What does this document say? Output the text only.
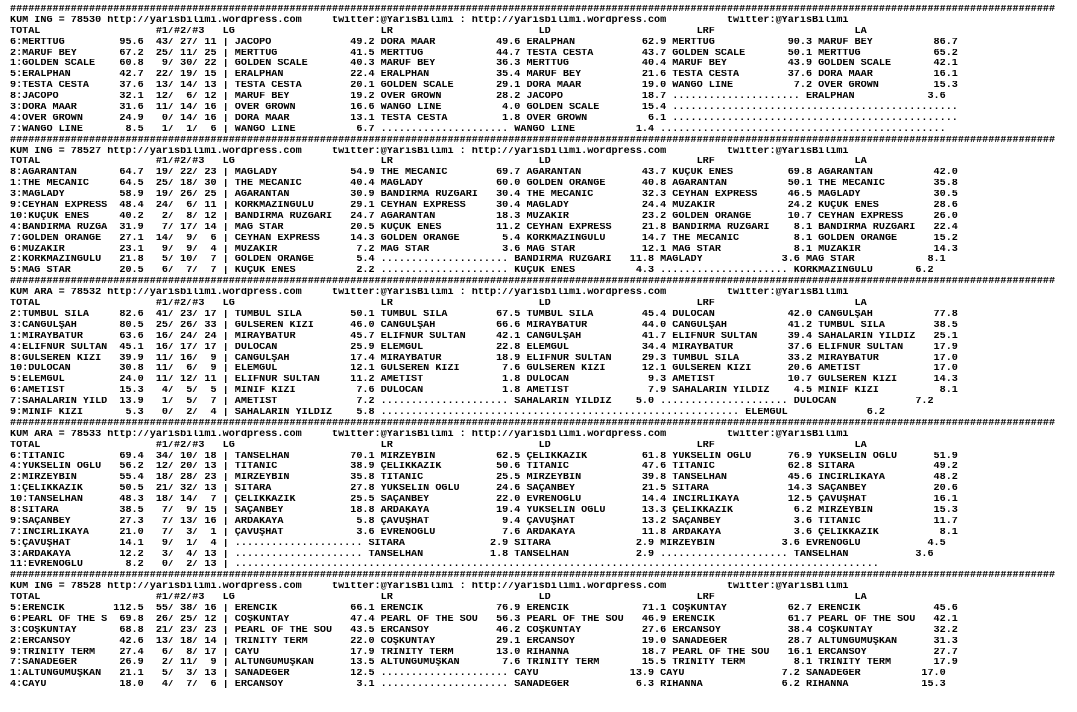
############################################################################################################################################################################
KUM ING = 78530 http://yarisbilimi.wordpress.com     twitter:@YarisBilimi : http://yarisbilimi.wordpress.com          twitter:@YarisBilimi
TOTAL                   #1/#2/#3   LG                        LR                        LD                        LRF                       LA
6:MERTTUĞ         95.6  43/ 27/ 11 | JACOPO             49.2 DORA MAAR          49.6 ERALPHAN           62.9 MERTTUĞ            90.3 MARUF BEY          86.7
2:MARUF BEY       67.2  25/ 11/ 25 | MERTTUĞ            41.5 MERTTUĞ            44.7 TESTA CESTA        43.7 GOLDEN SCALE       50.1 MERTTUĞ            65.2
1:GOLDEN SCALE    60.8   9/ 30/ 22 | GOLDEN SCALE       40.3 MARUF BEY          36.3 MERTTUĞ            40.4 MARUF BEY          43.9 GOLDEN SCALE       42.1
5:ERALPHAN        42.7  22/ 19/ 15 | ERALPHAN           22.4 ERALPHAN           35.4 MARUF BEY          21.6 TESTA CESTA        37.6 DORA MAAR          16.1
9:TESTA CESTA     37.6  13/ 14/ 13 | TESTA CESTA        20.1 GOLDEN SCALE       29.1 DORA MAAR          19.0 WANGO LINE          7.2 OVER GROWN         15.3
8:JACOPO          32.1  12/  6/ 12 | MARUF BEY          19.2 OVER GROWN         28.2 JACOPO             18.7 ..................... ERALPHAN            3.6
3:DORA MAAR       31.6  11/ 14/ 16 | OVER GROWN         16.6 WANGO LINE          4.0 GOLDEN SCALE       15.4 ...............................................
4:OVER GROWN      24.9   0/ 14/ 16 | DORA MAAR          13.1 TESTA CESTA         1.8 OVER GROWN          6.1 ...............................................
7:WANGO LINE       8.5   1/  1/  6 | WANGO LINE          6.7 ..................... WANGO LINE          1.4 ...............................................
############################################################################################################################################################################
KUM ING = 78527 http://yarisbilimi.wordpress.com     twitter:@YarisBilimi : http://yarisbilimi.wordpress.com          twitter:@YarisBilimi
TOTAL                   #1/#2/#3   LG                        LR                        LD                        LRF                       LA
8:AĞARANTAN       64.7  19/ 22/ 23 | MAGLADY            54.9 THE MECANIC        69.7 AĞARANTAN          43.7 KÜÇÜK ENES         69.8 AĞARANTAN          42.0
1:THE MECANIC     64.5  25/ 18/ 30 | THE MECANIC        40.4 MAGLADY            60.0 GOLDEN ORANGE      40.8 AĞARANTAN          50.1 THE MECANIC        35.8
3:MAGLADY         58.9  19/ 26/ 25 | AĞARANTAN          30.9 BANDIRMA RÜZGARI   30.4 THE MECANIC        32.3 CEYHAN EXPRESS     46.5 MAGLADY            30.5
9:CEYHAN EXPRESS  48.4  24/  6/ 11 | KORKMAZINGÜLÜ      29.1 CEYHAN EXPRESS     30.4 MAGLADY            24.4 MÜZAKİR            24.2 KÜÇÜK ENES         28.6
10:KÜÇÜK ENES     40.2   2/  8/ 12 | BANDIRMA RÜZGARI   24.7 AĞARANTAN          18.3 MÜZAKİR            23.2 GOLDEN ORANGE      10.7 CEYHAN EXPRESS     26.0
4:BANDIRMA RÜZGA  31.9   7/ 17/ 14 | MAG STAR           20.5 KÜÇÜK ENES         11.2 CEYHAN EXPRESS     21.8 BANDIRMA RÜZGARI    8.1 BANDIRMA RÜZGARI   22.4
7:GOLDEN ORANGE   27.1  14/  9/  6 | CEYHAN EXPRESS     14.3 GOLDEN ORANGE       5.4 KORKMAZINGÜLÜ      14.7 THE MECANIC         8.1 GOLDEN ORANGE      15.2
6:MÜZAKİR         23.1   9/  9/  4 | MÜZAKİR             7.2 MAG STAR            3.6 MAG STAR           12.1 MAG STAR            8.1 MÜZAKİR            14.3
2:KORKMAZINGÜLÜ   21.8   5/ 10/  7 | GOLDEN ORANGE       5.4 ..................... BANDIRMA RÜZGARI   11.8 MAGLADY             3.6 MAG STAR            8.1
5:MAG STAR        20.5   6/  7/  7 | KÜÇÜK ENES          2.2 ..................... KÜÇÜK ENES          4.3 ..................... KORKMAZINGÜLÜ       6.2
############################################################################################################################################################################
KUM ARA = 78532 http://yarisbilimi.wordpress.com     twitter:@YarisBilimi : http://yarisbilimi.wordpress.com          twitter:@YarisBilimi
TOTAL                   #1/#2/#3   LG                        LR                        LD                        LRF                       LA
2:TUMBUL SILA     82.6  41/ 23/ 17 | TUMBUL SILA        50.1 TUMBUL SILA        67.5 TUMBUL SILA        45.4 DULOCAN            42.0 CANGÜLŞAH          77.8
3:CANGÜLŞAH       80.5  25/ 26/ 33 | GÜLSEREN KIZI      46.0 CANGÜLŞAH          66.6 MİRAYBATUR         44.0 CANGÜLŞAH          41.2 TUMBUL SILA        38.5
1:MİRAYBATUR      63.6  16/ 24/ 24 | MİRAYBATUR         45.7 ELİFNUR SULTAN     42.1 CANGÜLŞAH          41.7 ELİFNUR SULTAN     39.4 SAHALARIN YILDIZ   25.1
4:ELİFNUR SULTAN  45.1  16/ 17/ 17 | DULOCAN            25.9 ELEMGÜL            22.8 ELEMGÜL            34.4 MİRAYBATUR         37.6 ELİFNUR SULTAN     17.9
8:GÜLSEREN KIZI   39.9  11/ 16/  9 | CANGÜLŞAH          17.4 MİRAYBATUR         18.9 ELİFNUR SULTAN     29.3 TUMBUL SILA        33.2 MİRAYBATUR         17.0
10:DULOCAN        30.8  11/  6/  9 | ELEMGÜL            12.1 GÜLSEREN KIZI       7.6 GÜLSEREN KIZI      12.1 GÜLSEREN KIZI      20.6 AMETİST            17.0
5:ELEMGÜL         24.0  11/ 12/ 11 | ELİFNUR SULTAN     11.2 AMETİST             1.8 DULOCAN             9.3 AMETİST            10.7 GÜLSEREN KIZI      14.3
6:AMETİST         15.3   4/  5/  5 | MİNİF KIZI          7.6 DULOCAN             1.8 AMETİST             7.9 SAHALARIN YILDIZ    4.5 MİNİF KIZI          8.1
7:SAHALARIN YILD  13.9   1/  5/  7 | AMETİST             7.2 ..................... SAHALARIN YILDIZ    5.0 ..................... DULOCAN             7.2
9:MİNİF KIZI       5.3   0/  2/  4 | SAHALARIN YILDIZ    5.8 ........................................................... ELEMGÜL             6.2
############################################################################################################################################################################
KUM ARA = 78533 http://yarisbilimi.wordpress.com     twitter:@YarisBilimi : http://yarisbilimi.wordpress.com          twitter:@YarisBilimi
TOTAL                   #1/#2/#3   LG                        LR                        LD                        LRF                       LA
6:TİTANİC         69.4  34/ 10/ 18 | TANSELHAN          70.1 MİRZEYBİN          62.5 ÇELİKKAZIK         61.8 YÜKSELİN OĞLU      76.9 YÜKSELİN OĞLU      51.9
4:YÜKSELİN OĞLU   56.2  12/ 20/ 13 | TİTANİC            38.9 ÇELİKKAZIK         50.6 TİTANİC            47.6 TİTANİC            62.8 SİTARA             49.2
2:MİRZEYBİN       55.4  18/ 28/ 23 | MİRZEYBİN          35.8 TİTANİC            25.5 MİRZEYBİN          39.8 TANSELHAN          45.6 İNCİRLİKAYA        48.2
1:ÇELİKKAZIK      50.5  21/ 32/ 13 | SİTARA             27.8 YÜKSELİN OĞLU      24.6 SAÇANBEY           21.5 SİTARA             14.3 SAÇANBEY           20.6
10:TANSELHAN      48.3  18/ 14/  7 | ÇELİKKAZIK         25.5 SAÇANBEY           22.0 EVRENOĞLU          14.4 İNCİRLİKAYA        12.5 ÇAVUŞHAT           16.1
8:SİTARA          38.5   7/  9/ 15 | SAÇANBEY           18.8 ARDAKAYA           19.4 YÜKSELİN OĞLU      13.3 ÇELİKKAZIK          6.2 MİRZEYBİN          15.3
9:SAÇANBEY        27.3   7/ 13/ 16 | ARDAKAYA            5.8 ÇAVUŞHAT            9.4 ÇAVUŞHAT           13.2 SAÇANBEY            3.6 TİTANİC            11.7
7:İNCİRLİKAYA     21.0   7/  3/  1 | ÇAVUŞHAT            3.6 EVRENOĞLU           7.6 ARDAKAYA           11.8 ARDAKAYA            3.6 ÇELİKKAZIK          8.1
5:ÇAVUŞHAT        14.1   9/  1/  4 | ..................... SİTARA              2.9 SİTARA              2.9 MİRZEYBİN           3.6 EVRENOĞLU           4.5
3:ARDAKAYA        12.2   3/  4/ 13 | ..................... TANSELHAN           1.8 TANSELHAN           2.9 ..................... TANSELHAN           3.6
11:EVRENOĞLU       8.2   0/  2/ 13 | ..........................................................................................................
############################################################################################################################################################################
KUM ING = 78528 http://yarisbilimi.wordpress.com     twitter:@YarisBilimi : http://yarisbilimi.wordpress.com          twitter:@YarisBilimi
TOTAL                   #1/#2/#3   LG                        LR                        LD                        LRF                       LA
5:ERENCİK        112.5  55/ 38/ 16 | ERENCİK            66.1 ERENCİK            76.9 ERENCİK            71.1 COŞKUNTAY          62.7 ERENCİK            45.6
6:PEARL OF THE S  69.8  26/ 25/ 12 | COŞKUNTAY          47.4 PEARL OF THE SOU   56.3 PEARL OF THE SOU   46.9 ERENCİK            61.7 PEARL OF THE SOU   42.1
3:COŞKUNTAY       68.8  21/ 23/ 23 | PEARL OF THE SOU   43.5 ERCANSOY           46.2 COŞKUNTAY          27.6 ERCANSOY           38.4 COŞKUNTAY          32.2
2:ERCANSOY        42.6  13/ 18/ 14 | TRİNİTY TERM       22.0 COŞKUNTAY          29.1 ERCANSOY           19.0 SANADEĞER          28.7 ALTUNGÜMÜŞKAN      31.3
9:TRİNİTY TERM    27.4   6/  8/ 17 | CAYU               17.9 TRİNİTY TERM       13.0 RİHANNA            18.7 PEARL OF THE SOU   16.1 ERCANSOY           27.7
7:SANADEĞER       26.9   2/ 11/  9 | ALTUNGÜMÜŞKAN      13.5 ALTUNGÜMÜŞKAN       7.6 TRİNİTY TERM       15.5 TRİNİTY TERM        8.1 TRİNİTY TERM       17.9
1:ALTUNGÜMÜŞKAN   21.1   5/  3/ 13 | SANADEĞER          12.5 ..................... CAYU               13.9 CAYU                7.2 SANADEĞER          17.0
4:CAYU            18.0   4/  7/  6 | ERCANSOY            3.1 ..................... SANADEĞER           6.3 RİHANNA             6.2 RİHANNA            15.3
